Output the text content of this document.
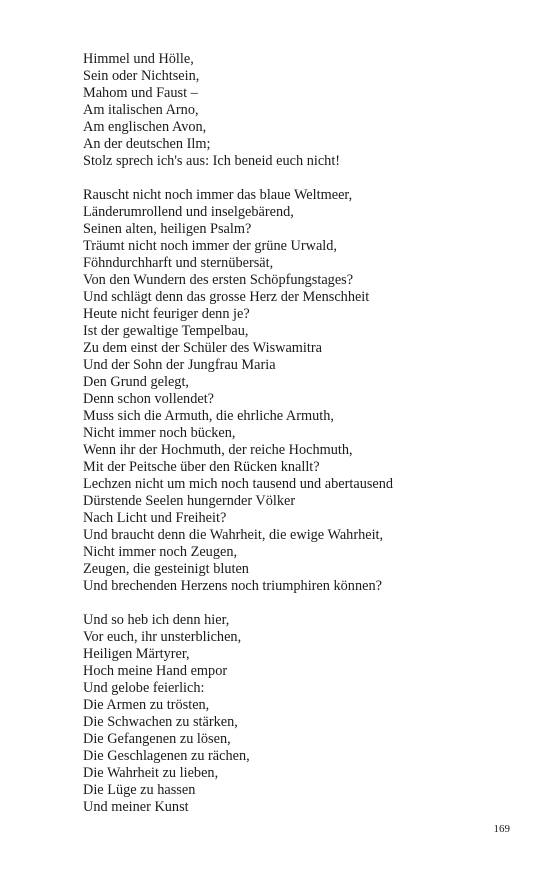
Himmel und Hölle,
Sein oder Nichtsein,
Mahom und Faust –
Am italischen Arno,
Am englischen Avon,
An der deutschen Ilm;
Stolz sprech ich's aus: Ich beneid euch nicht!
Rauscht nicht noch immer das blaue Weltmeer,
Länderumrollend und inselgebärend,
Seinen alten, heiligen Psalm?
Träumt nicht noch immer der grüne Urwald,
Föhndurchharft und sternübersät,
Von den Wundern des ersten Schöpfungstages?
Und schlägt denn das grosse Herz der Menschheit
Heute nicht feuriger denn je?
Ist der gewaltige Tempelbau,
Zu dem einst der Schüler des Wiswamitra
Und der Sohn der Jungfrau Maria
Den Grund gelegt,
Denn schon vollendet?
Muss sich die Armuth, die ehrliche Armuth,
Nicht immer noch bücken,
Wenn ihr der Hochmuth, der reiche Hochmuth,
Mit der Peitsche über den Rücken knallt?
Lechzen nicht um mich noch tausend und abertausend
Dürstende Seelen hungernder Völker
Nach Licht und Freiheit?
Und braucht denn die Wahrheit, die ewige Wahrheit,
Nicht immer noch Zeugen,
Zeugen, die gesteinigt bluten
Und brechenden Herzens noch triumphiren können?
Und so heb ich denn hier,
Vor euch, ihr unsterblichen,
Heiligen Märtyrer,
Hoch meine Hand empor
Und gelobe feierlich:
Die Armen zu trösten,
Die Schwachen zu stärken,
Die Gefangenen zu lösen,
Die Geschlagenen zu rächen,
Die Wahrheit zu lieben,
Die Lüge zu hassen
Und meiner Kunst
169
